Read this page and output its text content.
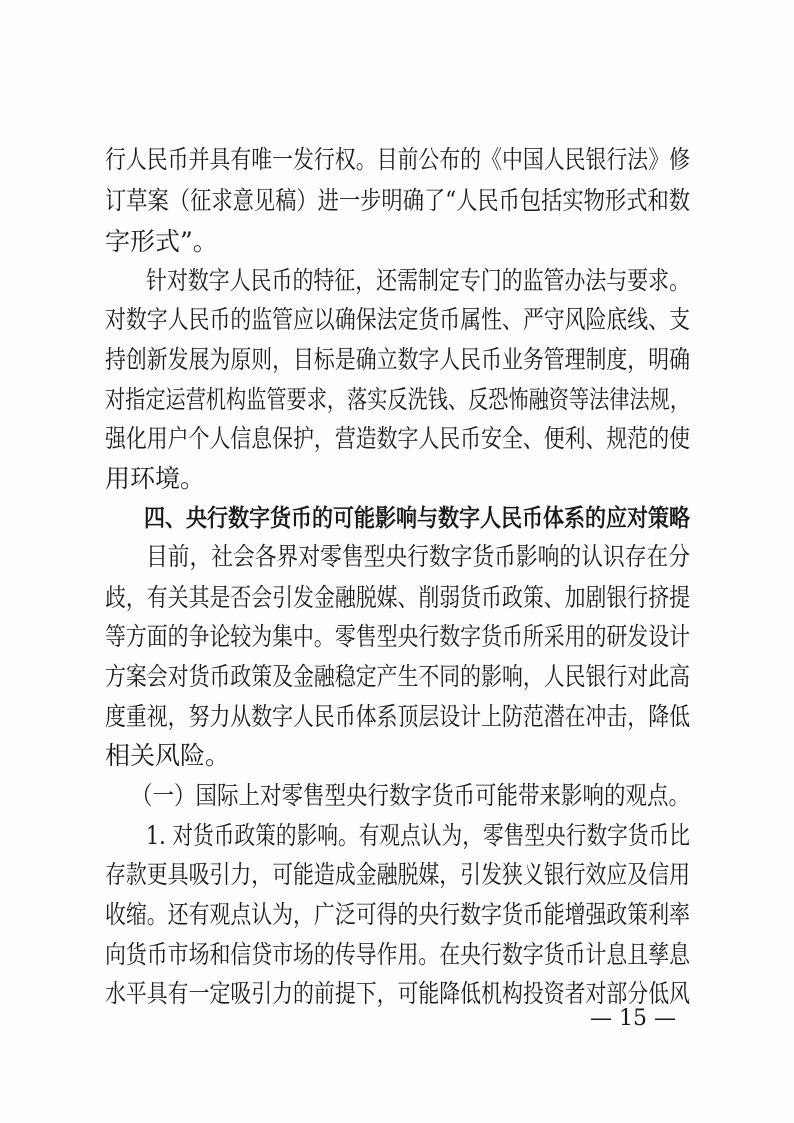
行人民币并具有唯一发行权。目前公布的《中国人民银行法》修
订草案（征求意见稿）进一步明确了“人民币包括实物形式和数
字形式”。
针对数字人民币的特征，还需制定专门的监管办法与要求。
对数字人民币的监管应以确保法定货币属性、严守风险底线、支
持创新发展为原则，目标是确立数字人民币业务管理制度，明确
对指定运营机构监管要求，落实反洗钱、反恐怖融资等法律法规，
强化用户个人信息保护，营造数字人民币安全、便利、规范的使
用环境。
四、央行数字货币的可能影响与数字人民币体系的应对策略
目前，社会各界对零售型央行数字货币影响的认识存在分
歧，有关其是否会引发金融脱媒、削弱货币政策、加剧银行挤提
等方面的争论较为集中。零售型央行数字货币所采用的研发设计
方案会对货币政策及金融稳定产生不同的影响，人民银行对此高
度重视，努力从数字人民币体系顶层设计上防范潜在冲击，降低
相关风险。
（一）国际上对零售型央行数字货币可能带来影响的观点。
1. 对货币政策的影响。有观点认为，零售型央行数字货币比
存款更具吸引力，可能造成金融脱媒，引发狭义银行效应及信用
收缩。还有观点认为，广泛可得的央行数字货币能增强政策利率
向货币市场和信贷市场的传导作用。在央行数字货币计息且孳息
水平具有一定吸引力的前提下，可能降低机构投资者对部分低风
— 15 —
